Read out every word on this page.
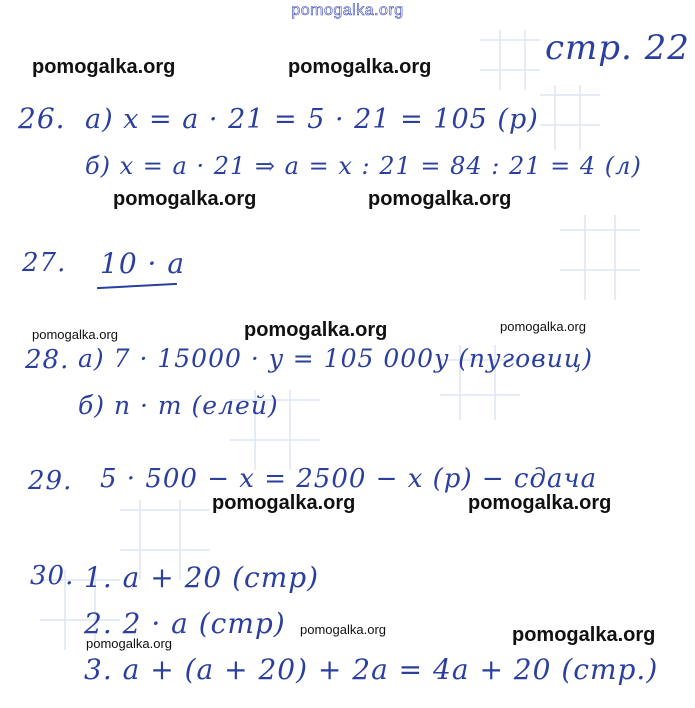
pomogalka.org
стр. 22
pomogalka.org	pomogalka.org
pomogalka.org	pomogalka.org
pomogalka.org	pomogalka.org	pomogalka.org
pomogalka.org	pomogalka.org
pomogalka.org
pomogalka.org	pomogalka.org
26. а) x = a · 21 = 5 · 21 = 105 (р)
б) x = a · 21 ⇒ a = x : 21 = 84 : 21 = 4 (л)
27. 10 · a
28. а) 7 · 15000 · y = 105 000y (пуговиц)
б) n · m (елей)
29. 5 · 500 − x = 2500 − x (р) − сдача
30. 1. a + 20 (стр)
2. 2 · a (стр)
3. a + (a + 20) + 2a = 4a + 20 (стр.)
